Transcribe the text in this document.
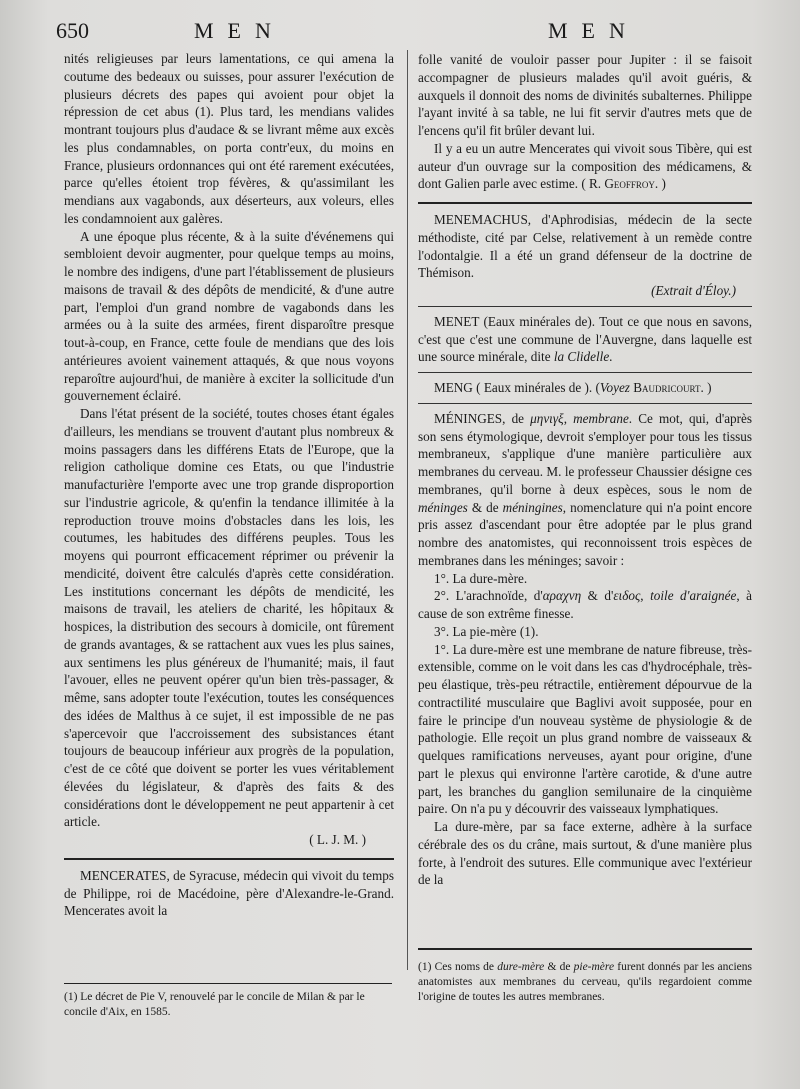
650	MEN	MEN

nités religieuses par leurs lamentations, ce qui amena la coutume des bedeaux ou suisses, pour assurer l'exécution de plusieurs décrets des papes qui avoient pour objet la répression de cet abus (1). Plus tard, les mendians valides montrant toujours plus d'audace & se livrant même aux excès les plus condamnables, on porta contr'eux, du moins en France, plusieurs ordonnances qui ont été rarement exécutées, parce qu'elles étoient trop févères, & qu'assimilant les mendians aux vagabonds, aux déserteurs, aux voleurs, elles les condamnoient aux galères.

A une époque plus récente, & à la suite d'événemens qui sembloient devoir augmenter, pour quelque temps au moins, le nombre des indigens, d'une part l'établissement de plusieurs maisons de travail & des dépôts de mendicité, & d'une autre part, l'emploi d'un grand nombre de vagabonds dans les armées ou à la suite des armées, firent disparoître presque tout-à-coup, en France, cette foule de mendians que des lois antérieures avoient vainement attaqués, & que nous voyons reparoître aujourd'hui, de manière à exciter la sollicitude d'un gouvernement éclairé.

Dans l'état présent de la société, toutes choses étant égales d'ailleurs, les mendians se trouvent d'autant plus nombreux & moins passagers dans les différens Etats de l'Europe, que la religion catholique domine ces Etats, ou que l'industrie manufacturière l'emporte avec une trop grande disproportion sur l'industrie agricole, & qu'enfin la tendance illimitée à la reproduction trouve moins d'obstacles dans les lois, les coutumes, les habitudes des différens peuples. Tous les moyens qui pourront efficacement réprimer ou prévenir la mendicité, doivent être calculés d'après cette considération. Les institutions concernant les dépôts de mendicité, les maisons de travail, les ateliers de charité, les hôpitaux & hospices, la distribution des secours à domicile, ont fûrement de grands avantages, & se rattachent aux vues les plus saines, aux sentimens les plus généreux de l'humanité; mais, il faut l'avouer, elles ne peuvent opérer qu'un bien très-passager, & même, sans adopter toute l'exécution, toutes les conséquences des idées de Malthus à ce sujet, il est impossible de ne pas s'apercevoir que l'accroissement des subsistances étant toujours de beaucoup inférieur aux progrès de la population, c'est de ce côté que doivent se porter les vues véritablement élevées du législateur, & d'après des faits & des considérations dont le développement ne peut appartenir à cet article.

( L. J. M. )

MENCERATES, de Syracuse, médecin qui vivoit du temps de Philippe, roi de Macédoine, père d'Alexandre-le-Grand. Mencerates avoit la

folle vanité de vouloir passer pour Jupiter : il se faisoit accompagner de plusieurs malades qu'il avoit guéris, & auxquels il donnoit des noms de divinités subalternes. Philippe l'ayant invité à sa table, ne lui fit servir d'autres mets que de l'encens qu'il fit brûler devant lui.

Il y a eu un autre Mencerates qui vivoit sous Tibère, qui est auteur d'un ouvrage sur la composition des médicamens, & dont Galien parle avec estime. ( R. Geoffroy. )

MENEMACHUS, d'Aphrodisias, médecin de la secte méthodiste, cité par Celse, relativement à un remède contre l'odontalgie. Il a été un grand défenseur de la doctrine de Thémison.

(Extrait d'Éloy.)

MENET (Eaux minérales de). Tout ce que nous en savons, c'est que c'est une commune de l'Auvergne, dans laquelle est une source minérale, dite la Clidelle.

MENG ( Eaux minérales de ). (Voyez Baudricourt. )

MÉNINGES, de μηνιγξ, membrane. Ce mot, qui, d'après son sens étymologique, devroit s'employer pour tous les tissus membraneux, s'applique d'une manière particulière aux membranes du cerveau. M. le professeur Chaussier désigne ces membranes, qu'il borne à deux espèces, sous le nom de méninges & de méningines, nomenclature qui n'a point encore pris assez d'ascendant pour être adoptée par le plus grand nombre des anatomistes, qui reconnoissent trois espèces de membranes dans les méninges; savoir :

1°. La dure-mère.

2°. L'arachnoïde, d'αραχνη & d'ειδος, toile d'araignée, à cause de son extrême finesse.

3°. La pie-mère (1).

1°. La dure-mère est une membrane de nature fibreuse, très-extensible, comme on le voit dans les cas d'hydrocéphale, très-peu élastique, très-peu rétractile, entièrement dépourvue de la contractilité musculaire que Baglivi avoit supposée, pour en faire le principe d'un nouveau système de physiologie & de pathologie. Elle reçoit un plus grand nombre de vaisseaux & quelques ramifications nerveuses, ayant pour origine, d'une part le plexus qui environne l'artère carotide, & d'une autre part, les branches du ganglion semilunaire de la cinquième paire. On n'a pu y découvrir des vaisseaux lymphatiques.

La dure-mère, par sa face externe, adhère à la surface cérébrale des os du crâne, mais surtout, & d'une manière plus forte, à l'endroit des sutures. Elle communique avec l'extérieur de la

(1) Le décret de Pie V, renouvelé par le concile de Milan & par le concile d'Aix, en 1585.
(1) Ces noms de dure-mère & de pie-mère furent donnés par les anciens anatomistes aux membranes du cerveau, qu'ils regardoient comme l'origine de toutes les autres membranes.
